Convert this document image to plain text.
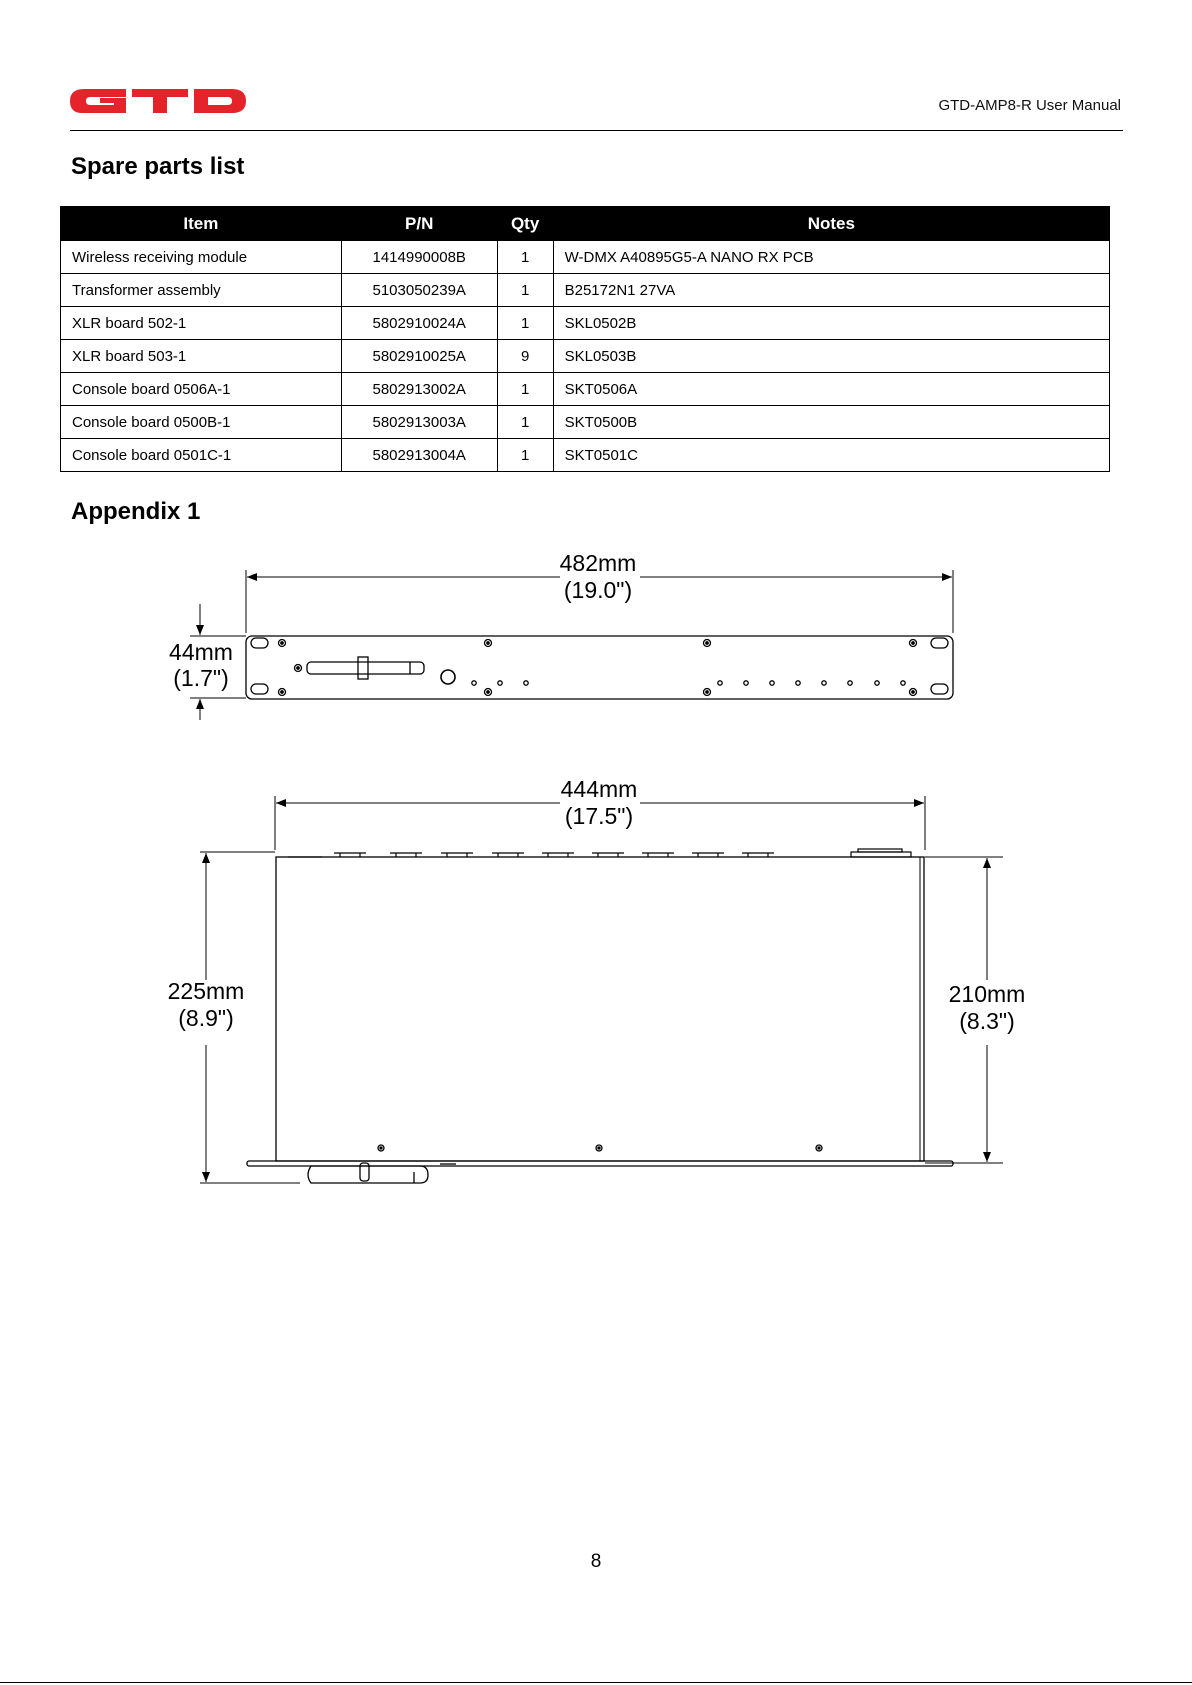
GTD-AMP8-R User Manual
Spare parts list
Item	P/N	Qty	Notes
Wireless receiving module	1414990008B	1	W-DMX A40895G5-A NANO RX PCB
Transformer assembly	5103050239A	1	B25172N1 27VA
XLR board 502-1	5802910024A	1	SKL0502B
XLR board 503-1	5802910025A	9	SKL0503B
Console board 0506A-1	5802913002A	1	SKT0506A
Console board 0500B-1	5802913003A	1	SKT0500B
Console board 0501C-1	5802913004A	1	SKT0501C
Appendix 1
482mm
(19.0")
44mm
(1.7")
444mm
(17.5")
225mm
(8.9")
210mm
(8.3")
8
